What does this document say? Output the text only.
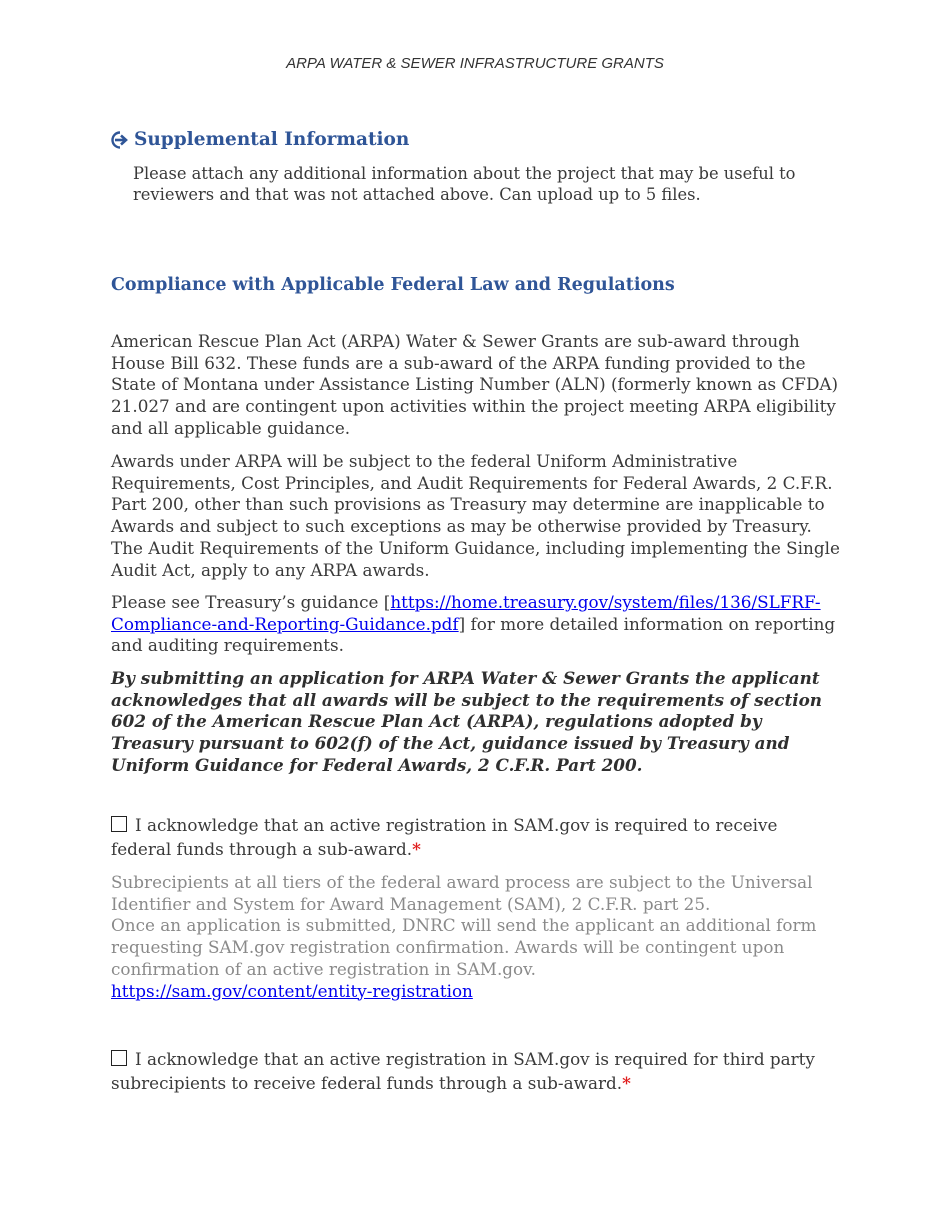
ARPA WATER & SEWER INFRASTRUCTURE GRANTS
Supplemental Information
Please attach any additional information about the project that may be useful to reviewers and that was not attached above. Can upload up to 5 files.
Compliance with Applicable Federal Law and Regulations
American Rescue Plan Act (ARPA) Water & Sewer Grants are sub-award through House Bill 632. These funds are a sub-award of the ARPA funding provided to the State of Montana under Assistance Listing Number (ALN) (formerly known as CFDA) 21.027 and are contingent upon activities within the project meeting ARPA eligibility and all applicable guidance.
Awards under ARPA will be subject to the federal Uniform Administrative Requirements, Cost Principles, and Audit Requirements for Federal Awards, 2 C.F.R. Part 200, other than such provisions as Treasury may determine are inapplicable to Awards and subject to such exceptions as may be otherwise provided by Treasury. The Audit Requirements of the Uniform Guidance, including implementing the Single Audit Act, apply to any ARPA awards.
Please see Treasury’s guidance [https://home.treasury.gov/system/files/136/SLFRF-Compliance-and-Reporting-Guidance.pdf] for more detailed information on reporting and auditing requirements.
By submitting an application for ARPA Water & Sewer Grants the applicant acknowledges that all awards will be subject to the requirements of section 602 of the American Rescue Plan Act (ARPA), regulations adopted by Treasury pursuant to 602(f) of the Act, guidance issued by Treasury and Uniform Guidance for Federal Awards, 2 C.F.R. Part 200.
I acknowledge that an active registration in SAM.gov is required to receive federal funds through a sub-award.*
Subrecipients at all tiers of the federal award process are subject to the Universal Identifier and System for Award Management (SAM), 2 C.F.R. part 25.
Once an application is submitted, DNRC will send the applicant an additional form requesting SAM.gov registration confirmation. Awards will be contingent upon confirmation of an active registration in SAM.gov.
https://sam.gov/content/entity-registration
I acknowledge that an active registration in SAM.gov is required for third party subrecipients to receive federal funds through a sub-award.*
